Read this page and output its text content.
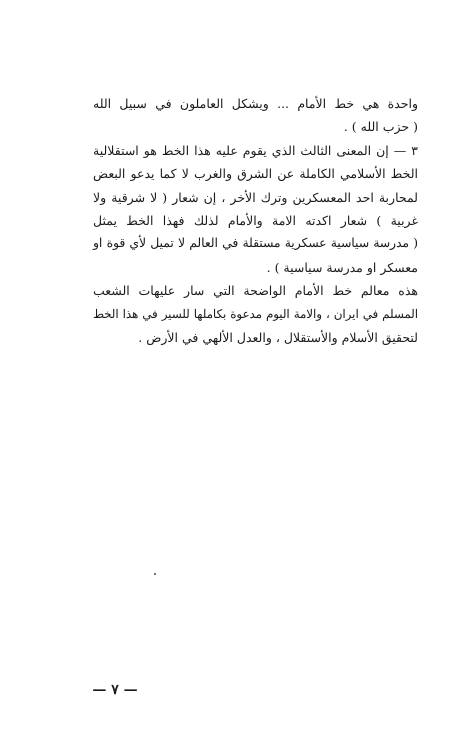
واحدة هي خط الأمام ... ويشكل العاملون في سبيل الله
( حزب الله ) .
٣ — إن المعنى الثالث الذي يقوم عليه هذا الخط هو استقلالية
الخط الأسلامي الكاملة عن الشرق والغرب لا كما يدعو البعض
لمحاربة احد المعسكرين وترك الأخر ، إن شعار ( لا شرقية ولا
غربية ) شعار اكدته الامة والأمام لذلك فهذا الخط يمثل
( مدرسة سياسية عسكرية مستقلة في العالم لا تميل لأي قوة او
معسكر او مدرسة سياسية ) .
هذه معالم خط الأمام الواضحة التي سار عليهات الشعب
المسلم في ايران ، والامة اليوم مدعوة بكاملها للسير في هذا الخط
لتحقيق الأسلام والأستقلال ، والعدل الألهي في الأرض .
— ٧ —
